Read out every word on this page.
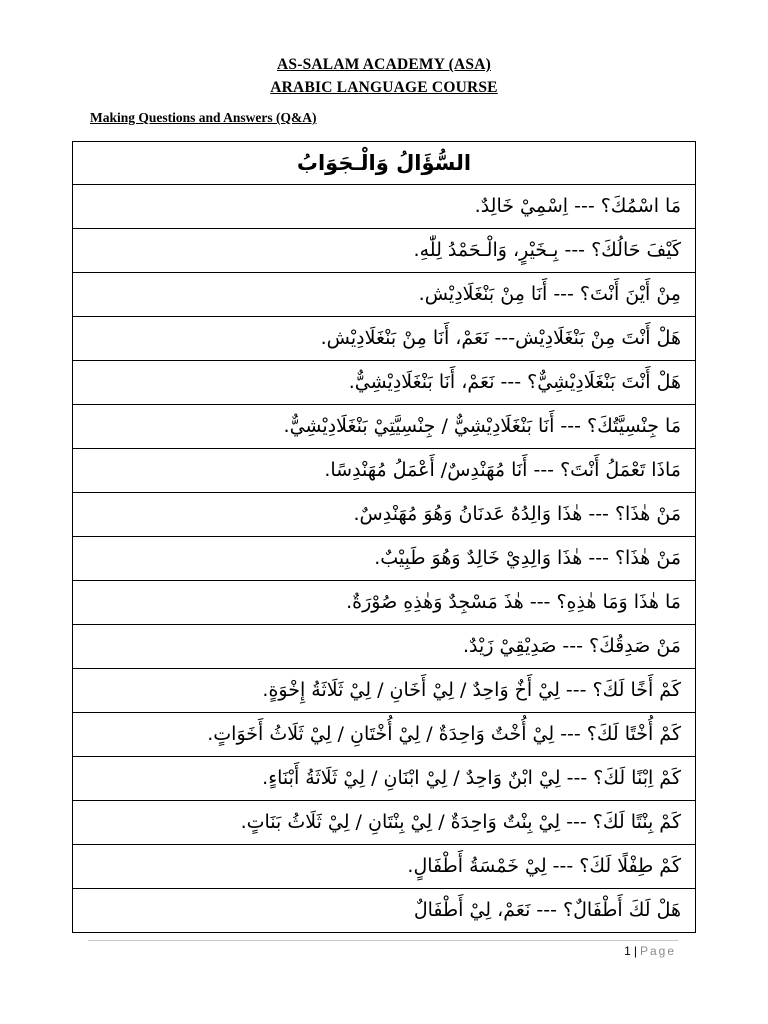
AS-SALAM ACADEMY (ASA)
ARABIC LANGUAGE COURSE
Making Questions and Answers (Q&A)
السُّؤَالُ وَالْـجَوَابُ
مَا اسْمُكَ؟ --- اِسْمِيْ خَالِدٌ.
كَيْفَ حَالُكَ؟ --- بِـخَيْرٍ، وَالْـحَمْدُ لِلّٰهِ.
مِنْ أَيْنَ أَنْتَ؟ --- أَنَا مِنْ بَنْغَلَادِيْش.
هَلْ أَنْتَ مِنْ بَنْغَلَادِيْش--- نَعَمْ، أَنَا مِنْ بَنْغَلَادِيْش.
هَلْ أَنْتَ بَنْغَلَادِيْشِيٌّ؟ --- نَعَمْ، أَنَا بَنْغَلَادِيْشِيٌّ.
مَا جِنْسِيَّتُكَ؟ --- أَنَا بَنْغَلَادِيْشِيٌّ / جِنْسِيَّتِيْ بَنْغَلَادِيْشِيٌّ.
مَاذَا تَعْمَلُ أَنْتَ؟ --- أَنَا مُهَنْدِسٌ/ أَعْمَلُ مُهَنْدِسًا.
مَنْ هٰذَا؟ --- هٰذَا وَالِدُهُ عَدنَانُ وَهُوَ مُهَنْدِسٌ.
مَنْ هٰذَا؟ --- هٰذَا وَالِدِيْ خَالِدٌ وَهُوَ طَبِيْبٌ.
مَا هٰذَا وَمَا هٰذِهِ؟ --- هٰذَ مَسْجِدٌ وَهٰذِهِ صُوْرَةٌ.
مَنْ صَدِقُكَ؟ --- صَدِيْقِيْ زَيْدٌ.
كَمْ أَخًا لَكَ؟ --- لِيْ أَخٌ وَاحِدٌ / لِيْ أَخَانِ / لِيْ ثَلَاثَةُ إِخْوَةٍ.
كَمْ أُخْتًا لَكَ؟ --- لِيْ أُخْتٌ وَاحِدَةٌ / لِيْ أُخْتَانِ / لِيْ ثَلَاثُ أَخَوَاتٍ.
كَمْ اِبْنًا لَكَ؟ --- لِيْ ابْنٌ وَاحِدٌ / لِيْ ابْنَانِ / لِيْ ثَلَاثَةُ أَبْنَاءٍ.
كَمْ بِنْتًا لَكَ؟ --- لِيْ بِنْتٌ وَاحِدَةٌ / لِيْ بِنْتَانِ / لِيْ ثَلَاثُ بَنَاتٍ.
كَمْ طِفْلًا لَكَ؟ --- لِيْ خَمْسَةُ أَطْفَالٍ.
هَلْ لَكَ أَطْفَالٌ؟ --- نَعَمْ، لِيْ أَطْفَالٌ
1 | Page
